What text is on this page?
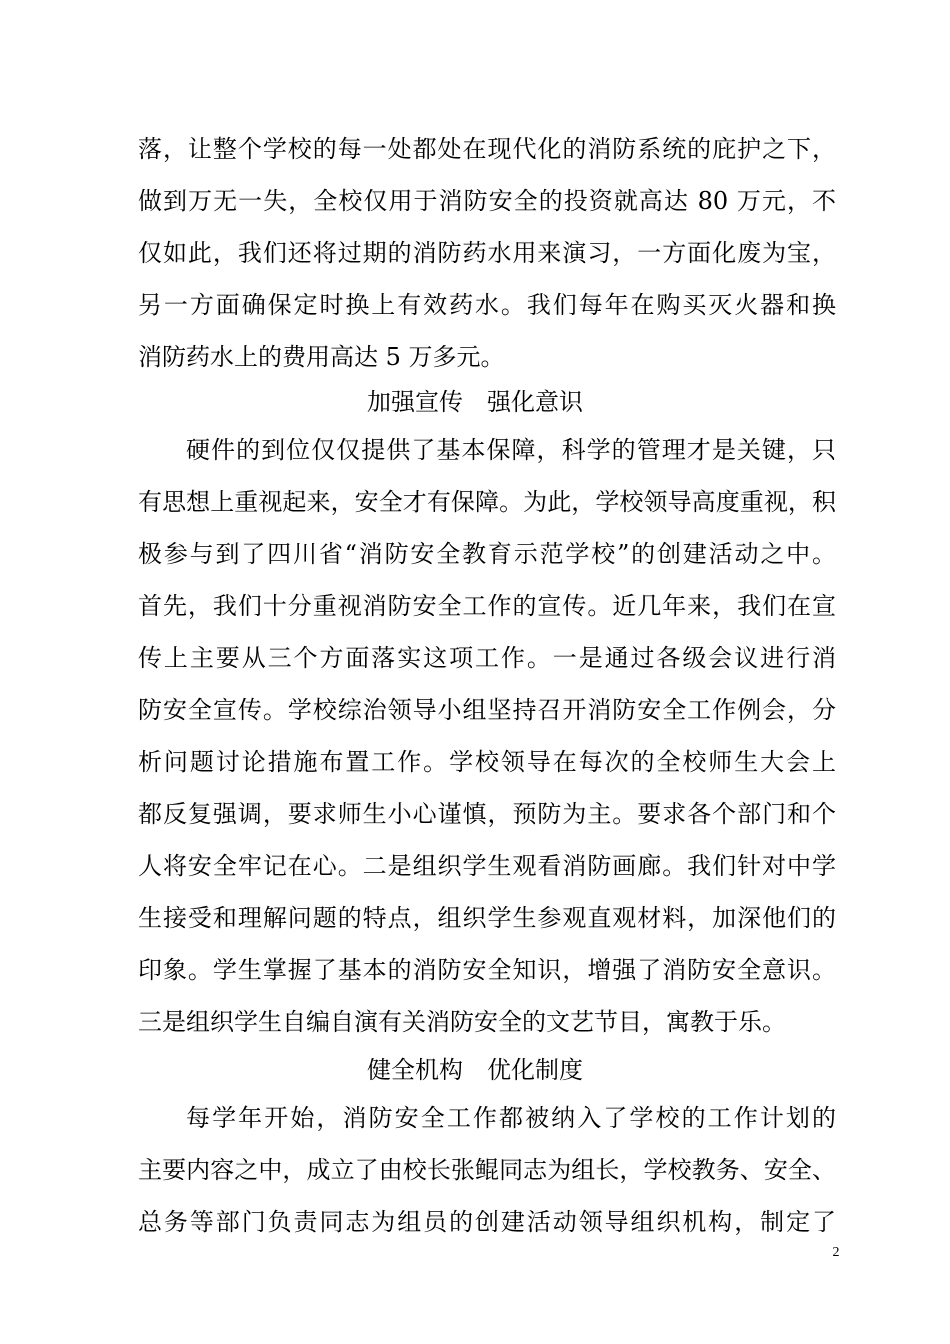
落，让整个学校的每一处都处在现代化的消防系统的庇护之下，
做到万无一失，全校仅用于消防安全的投资就高达 80 万元，不
仅如此，我们还将过期的消防药水用来演习，一方面化废为宝，
另一方面确保定时换上有效药水。我们每年在购买灭火器和换
消防药水上的费用高达 5 万多元。
加强宣传　强化意识
硬件的到位仅仅提供了基本保障，科学的管理才是关键，只
有思想上重视起来，安全才有保障。为此，学校领导高度重视，积
极参与到了四川省“消防安全教育示范学校”的创建活动之中。
首先，我们十分重视消防安全工作的宣传。近几年来，我们在宣
传上主要从三个方面落实这项工作。一是通过各级会议进行消
防安全宣传。学校综治领导小组坚持召开消防安全工作例会，分
析问题讨论措施布置工作。学校领导在每次的全校师生大会上
都反复强调，要求师生小心谨慎，预防为主。要求各个部门和个
人将安全牢记在心。二是组织学生观看消防画廊。我们针对中学
生接受和理解问题的特点，组织学生参观直观材料，加深他们的
印象。学生掌握了基本的消防安全知识，增强了消防安全意识。
三是组织学生自编自演有关消防安全的文艺节目，寓教于乐。
健全机构　优化制度
每学年开始，消防安全工作都被纳入了学校的工作计划的
主要内容之中，成立了由校长张鲲同志为组长，学校教务、安全、
总务等部门负责同志为组员的创建活动领导组织机构，制定了
2
